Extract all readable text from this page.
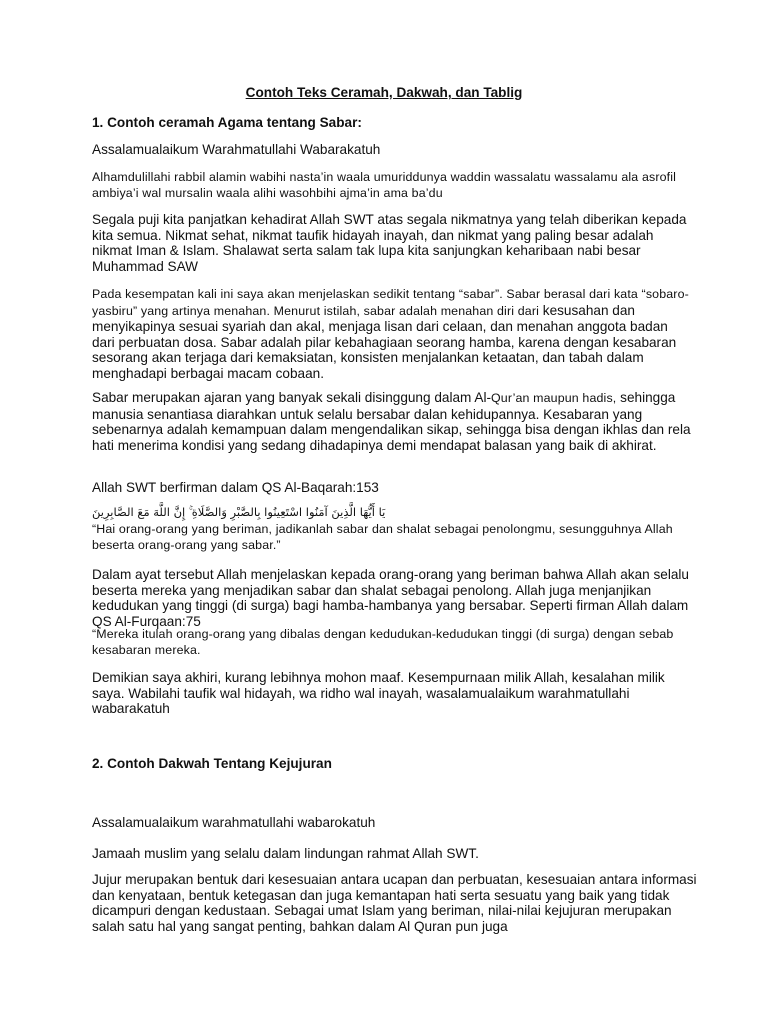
Contoh Teks Ceramah, Dakwah, dan Tablig

1. Contoh ceramah Agama tentang Sabar:

Assalamualaikum Warahmatullahi Wabarakatuh

Alhamdulillahi rabbil alamin wabihi nasta’in waala umuriddunya waddin wassalatu wassalamu ala asrofil ambiya’i wal mursalin waala alihi wasohbihi ajma’in ama ba’du

Segala puji kita panjatkan kehadirat Allah SWT atas segala nikmatnya yang telah diberikan kepada kita semua. Nikmat sehat, nikmat taufik hidayah inayah, dan nikmat yang paling besar adalah nikmat Iman & Islam. Shalawat serta salam tak lupa kita sanjungkan keharibaan nabi besar Muhammad SAW

Pada kesempatan kali ini saya akan menjelaskan sedikit tentang “sabar”. Sabar berasal dari kata “sobaro-yasbiru” yang artinya menahan. Menurut istilah, sabar adalah menahan diri dari kesusahan dan menyikapinya sesuai syariah dan akal, menjaga lisan dari celaan, dan menahan anggota badan dari perbuatan dosa. Sabar adalah pilar kebahagiaan seorang hamba, karena dengan kesabaran sesorang akan terjaga dari kemaksiatan, konsisten menjalankan ketaatan, dan tabah dalam menghadapi berbagai macam cobaan.
Sabar merupakan ajaran yang banyak sekali disinggung dalam Al-Qur’an maupun hadis, sehingga manusia senantiasa diarahkan untuk selalu bersabar dalan kehidupannya. Kesabaran yang sebenarnya adalah kemampuan dalam mengendalikan sikap, sehingga bisa dengan ikhlas dan rela hati menerima kondisi yang sedang dihadapinya demi mendapat balasan yang baik di akhirat.

Allah SWT berfirman dalam QS Al-Baqarah:153

يَا أَيُّهَا الَّذِينَ آمَنُوا اسْتَعِينُوا بِالصَّبْرِ وَالصَّلَاةِ ۚ إِنَّ اللَّهَ مَعَ الصَّابِرِينَ

“Hai orang-orang yang beriman, jadikanlah sabar dan shalat sebagai penolongmu, sesungguhnya Allah beserta orang-orang yang sabar.”

Dalam ayat tersebut Allah menjelaskan kepada orang-orang yang beriman bahwa Allah akan selalu beserta mereka yang menjadikan sabar dan shalat sebagai penolong. Allah juga menjanjikan kedudukan yang tinggi (di surga) bagi hamba-hambanya yang bersabar. Seperti firman Allah dalam QS Al-Furqaan:75

“Mereka itulah orang-orang yang dibalas dengan kedudukan-kedudukan tinggi (di surga) dengan sebab kesabaran mereka.

Demikian saya akhiri, kurang lebihnya mohon maaf. Kesempurnaan milik Allah, kesalahan milik saya. Wabilahi taufik wal hidayah, wa ridho wal inayah, wasalamualaikum warahmatullahi wabarakatuh

2. Contoh Dakwah Tentang Kejujuran

Assalamualaikum warahmatullahi wabarokatuh

Jamaah muslim yang selalu dalam lindungan rahmat Allah SWT.

Jujur merupakan bentuk dari kesesuaian antara ucapan dan perbuatan, kesesuaian antara informasi dan kenyataan, bentuk ketegasan dan juga kemantapan hati serta sesuatu yang baik yang tidak dicampuri dengan kedustaan. Sebagai umat Islam yang beriman, nilai-nilai kejujuran merupakan salah satu hal yang sangat penting, bahkan dalam Al Quran pun juga
